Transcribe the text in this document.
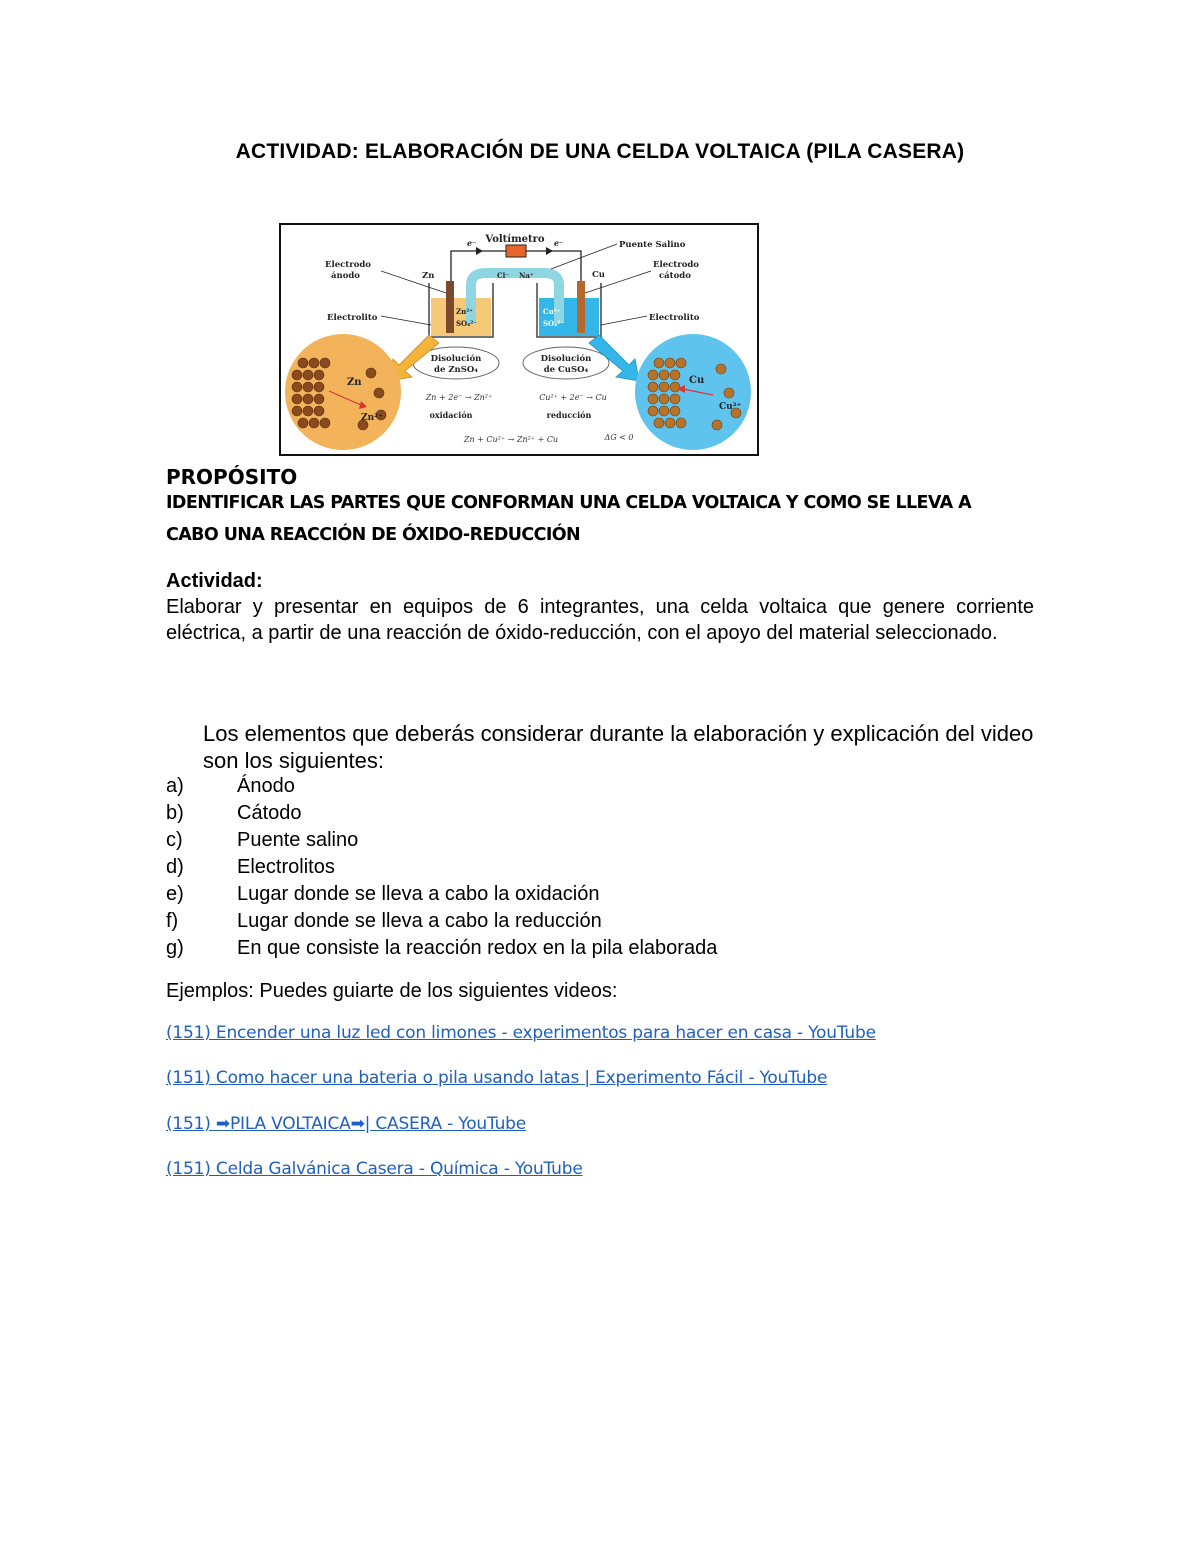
ACTIVIDAD: ELABORACIÓN DE UNA CELDA VOLTAICA (PILA CASERA)
Voltímetro
e⁻	e⁻	Puente Salino
Electrodo
ánodo
Electrodo
cátodo
Zn	Cu
Cl⁻ Na⁺
Electrolito	Electrolito
Zn²⁺
SO₄²⁻
Cu²⁺
SO₄²⁻
Disolución
de ZnSO₄
Disolución
de CuSO₄
Zn + 2e⁻ → Zn²⁺	Cu²⁺ + 2e⁻ → Cu
Zn + Cu²⁺ → Zn²⁺ + Cu	ΔG < 0
oxidación	reducción
Zn
Zn²⁺
Cu
Cu²⁺
PROPÓSITO
IDENTIFICAR LAS PARTES QUE CONFORMAN UNA CELDA VOLTAICA Y COMO SE LLEVA A
CABO UNA REACCIÓN DE ÓXIDO-REDUCCIÓN
Actividad:
Elaborar y presentar en equipos de 6 integrantes, una celda voltaica que genere corriente eléctrica, a partir de una reacción de óxido-reducción, con el apoyo del material seleccionado.
Los elementos que deberás considerar durante la elaboración y explicación del video son los siguientes:
a)	Ánodo
b)	Cátodo
c)	Puente salino
d)	Electrolitos
e)	Lugar donde se lleva a cabo la oxidación
f)	Lugar donde se lleva a cabo la reducción
g)	En que consiste la reacción redox en la pila elaborada
Ejemplos: Puedes guiarte de los siguientes videos:
(151) Encender una luz led con limones - experimentos para hacer en casa - YouTube
(151) Como hacer una bateria o pila usando latas | Experimento Fácil - YouTube
(151) ➡PILA VOLTAICA➡| CASERA - YouTube
(151) Celda Galvánica Casera - Química - YouTube
